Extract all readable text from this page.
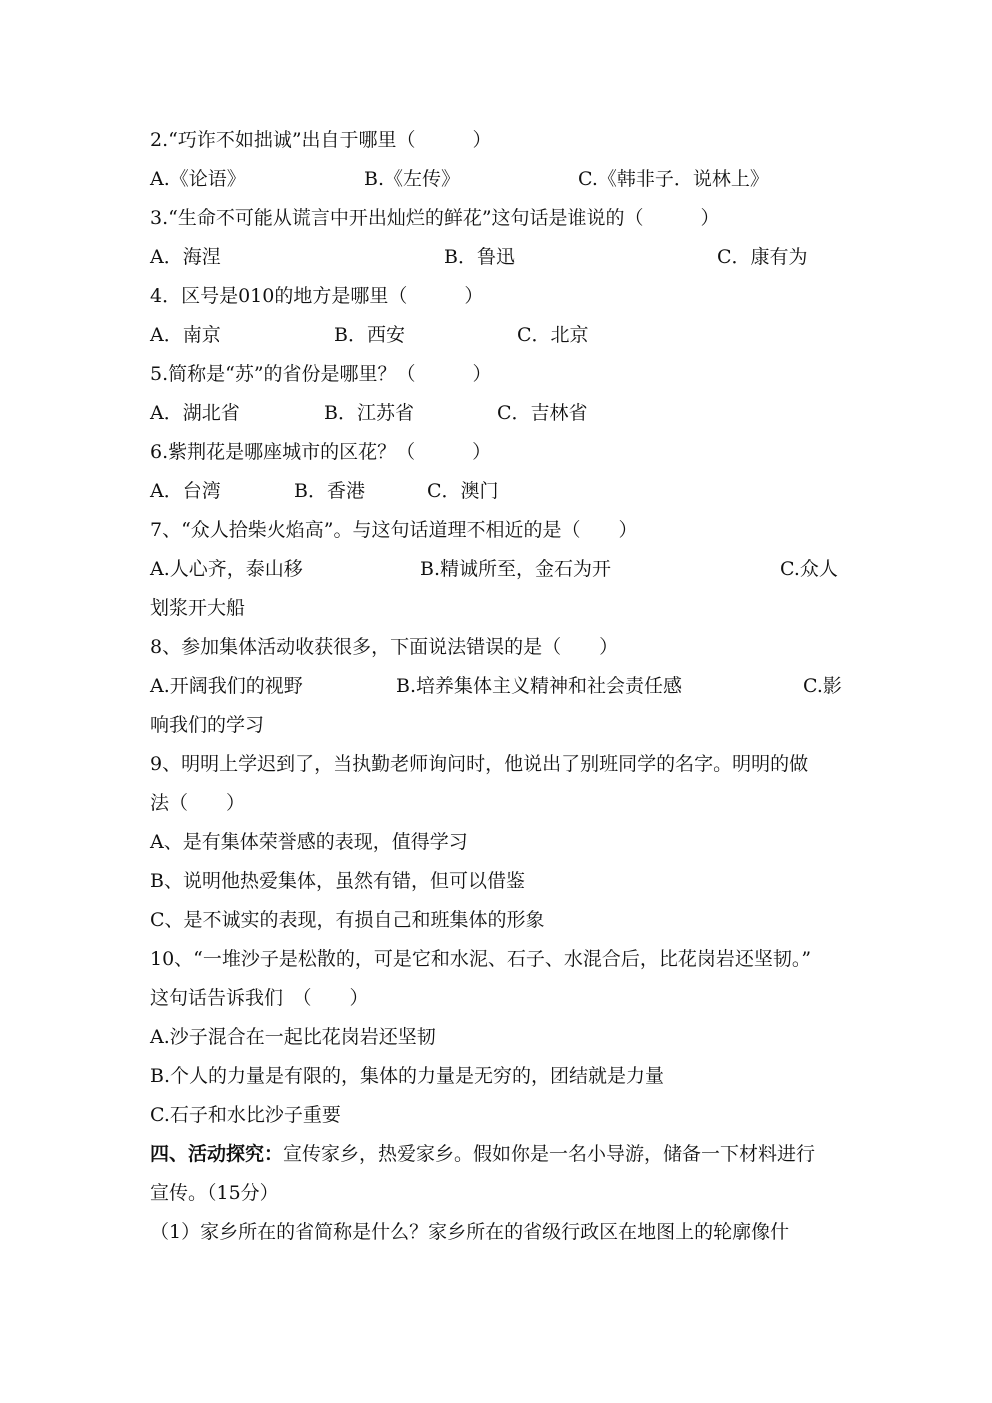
2.“巧诈不如拙诚”出自于哪里（　　　）
A.《论语》	B.《左传》	C.《韩非子．说林上》
3.“生命不可能从谎言中开出灿烂的鲜花”这句话是谁说的（　　　）
A．海涅	B．鲁迅	C．康有为
4．区号是010的地方是哪里（　　　）
A．南京	B．西安	C．北京
5.简称是“苏”的省份是哪里？（　　　）
A．湖北省	B．江苏省	C．吉林省
6.紫荆花是哪座城市的区花？（　　　）
A．台湾	B．香港	C．澳门
7、“众人拾柴火焰高”。与这句话道理不相近的是（　　）
A.人心齐，泰山移	B.精诚所至，金石为开	C.众人
划浆开大船
8、参加集体活动收获很多，下面说法错误的是（　　）
A.开阔我们的视野	B.培养集体主义精神和社会责任感	C.影
响我们的学习
9、明明上学迟到了，当执勤老师询问时，他说出了别班同学的名字。明明的做
法（　　）
A、是有集体荣誉感的表现，值得学习
B、说明他热爱集体，虽然有错，但可以借鉴
C、是不诚实的表现，有损自己和班集体的形象
10、“一堆沙子是松散的，可是它和水泥、石子、水混合后，比花岗岩还坚韧。”
这句话告诉我们　（　　）
A.沙子混合在一起比花岗岩还坚韧
B.个人的力量是有限的，集体的力量是无穷的，团结就是力量
C.石子和水比沙子重要
四、活动探究：宣传家乡，热爱家乡。假如你是一名小导游，储备一下材料进行
宣传。（15分）
（1）家乡所在的省简称是什么？家乡所在的省级行政区在地图上的轮廓像什
